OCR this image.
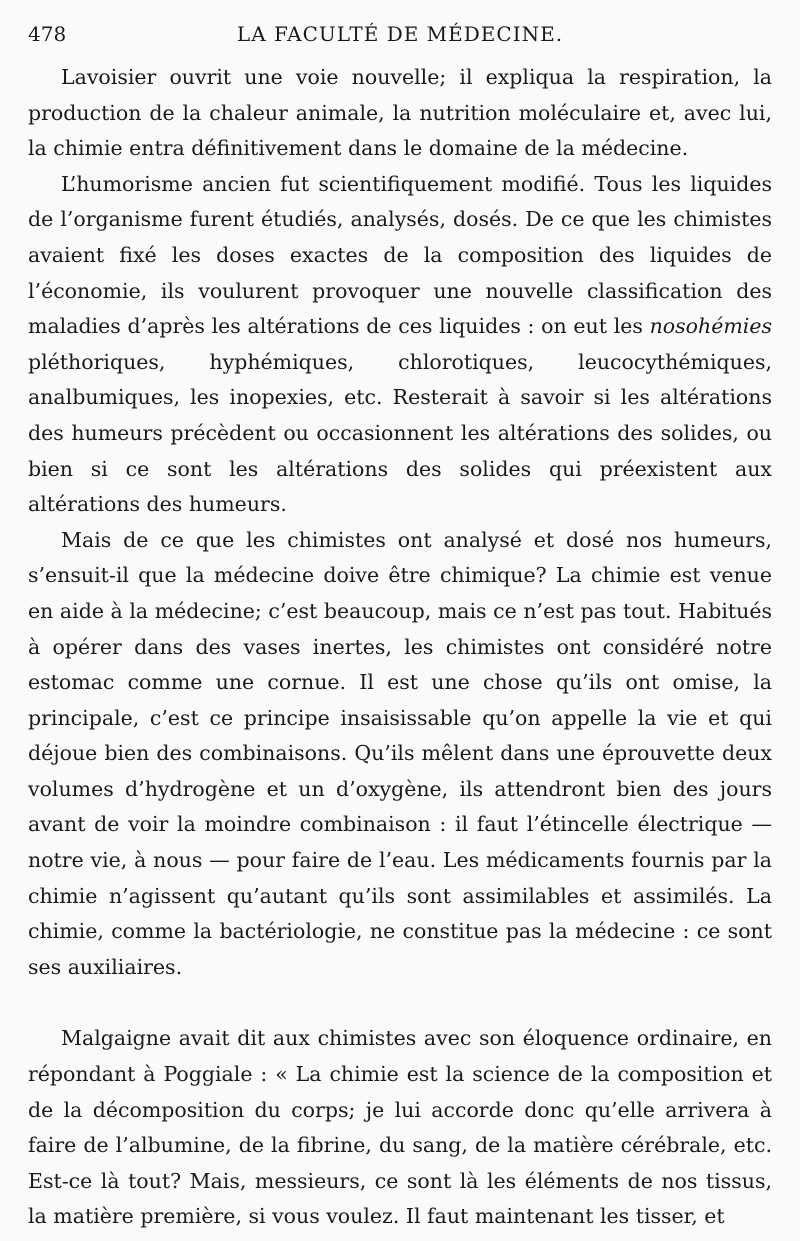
478	LA FACULTÉ DE MÉDECINE.

Lavoisier ouvrit une voie nouvelle; il expliqua la respiration, la production de la chaleur animale, la nutrition moléculaire et, avec lui, la chimie entra définitivement dans le domaine de la médecine.

L’humorisme ancien fut scientifiquement modifié. Tous les liquides de l’organisme furent étudiés, analysés, dosés. De ce que les chimistes avaient fixé les doses exactes de la composition des liquides de l’économie, ils voulurent provoquer une nouvelle classification des maladies d’après les altérations de ces liquides : on eut les nosohémies pléthoriques, hyphémiques, chlorotiques, leucocythémiques, analbumiques, les inopexies, etc. Resterait à savoir si les altérations des humeurs précèdent ou occasionnent les altérations des solides, ou bien si ce sont les altérations des solides qui préexistent aux altérations des humeurs.

Mais de ce que les chimistes ont analysé et dosé nos humeurs, s’ensuit-il que la médecine doive être chimique? La chimie est venue en aide à la médecine; c’est beaucoup, mais ce n’est pas tout. Habitués à opérer dans des vases inertes, les chimistes ont considéré notre estomac comme une cornue. Il est une chose qu’ils ont omise, la principale, c’est ce principe insaisissable qu’on appelle la vie et qui déjoue bien des combinaisons. Qu’ils mêlent dans une éprouvette deux volumes d’hydrogène et un d’oxygène, ils attendront bien des jours avant de voir la moindre combinaison : il faut l’étincelle électrique — notre vie, à nous — pour faire de l’eau. Les médicaments fournis par la chimie n’agissent qu’autant qu’ils sont assimilables et assimilés. La chimie, comme la bactériologie, ne constitue pas la médecine : ce sont ses auxiliaires.

Malgaigne avait dit aux chimistes avec son éloquence ordinaire, en répondant à Poggiale : « La chimie est la science de la composition et de la décomposition du corps; je lui accorde donc qu’elle arrivera à faire de l’albumine, de la fibrine, du sang, de la matière cérébrale, etc. Est-ce là tout? Mais, messieurs, ce sont là les éléments de nos tissus, la matière première, si vous voulez. Il faut maintenant les tisser, et
